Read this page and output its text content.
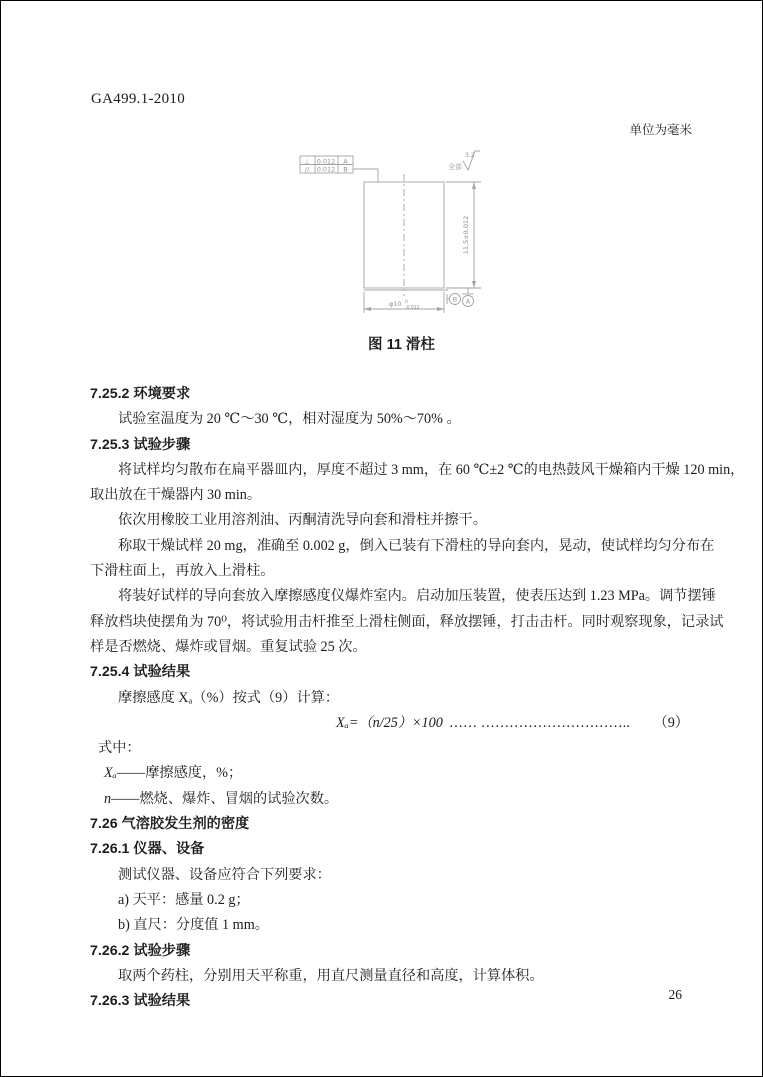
GA499.1-2010
单位为毫米
⊥ 0.012 A
// 0.012 B	全部
3.2
11.5±0.012
φ10 0
-0.012
B A
图 11 滑柱
7.25.2 环境要求
试验室温度为 20 ℃～30 ℃，相对湿度为 50%～70% 。
7.25.3 试验步骤
将试样均匀散布在扁平器皿内，厚度不超过 3 mm，在 60 ℃±2 ℃的电热鼓风干燥箱内干燥 120 min，
取出放在干燥器内 30 min。
依次用橡胶工业用溶剂油、丙酮清洗导向套和滑柱并擦干。
称取干燥试样 20 mg，准确至 0.002 g，倒入已装有下滑柱的导向套内，晃动，使试样均匀分布在
下滑柱面上，再放入上滑柱。
将装好试样的导向套放入摩擦感度仪爆炸室内。启动加压装置，使表压达到 1.23 MPa。调节摆锤
释放档块使摆角为 70⁰，将试验用击杆推至上滑柱侧面，释放摆锤，打击击杆。同时观察现象，记录试
样是否燃烧、爆炸或冒烟。重复试验 25 次。
7.25.4 试验结果
摩擦感度 Xₐ（%）按式（9）计算：
Xₐ=（n/25）×100 …… …………………………..	（9）
式中：
Xₐ——摩擦感度，%；
n——燃烧、爆炸、冒烟的试验次数。
7.26 气溶胶发生剂的密度
7.26.1 仪器、设备
测试仪器、设备应符合下列要求：
a) 天平：感量 0.2 g；
b) 直尺：分度值 1 mm。
7.26.2 试验步骤
取两个药柱，分别用天平称重，用直尺测量直径和高度，计算体积。
7.26.3 试验结果	26
